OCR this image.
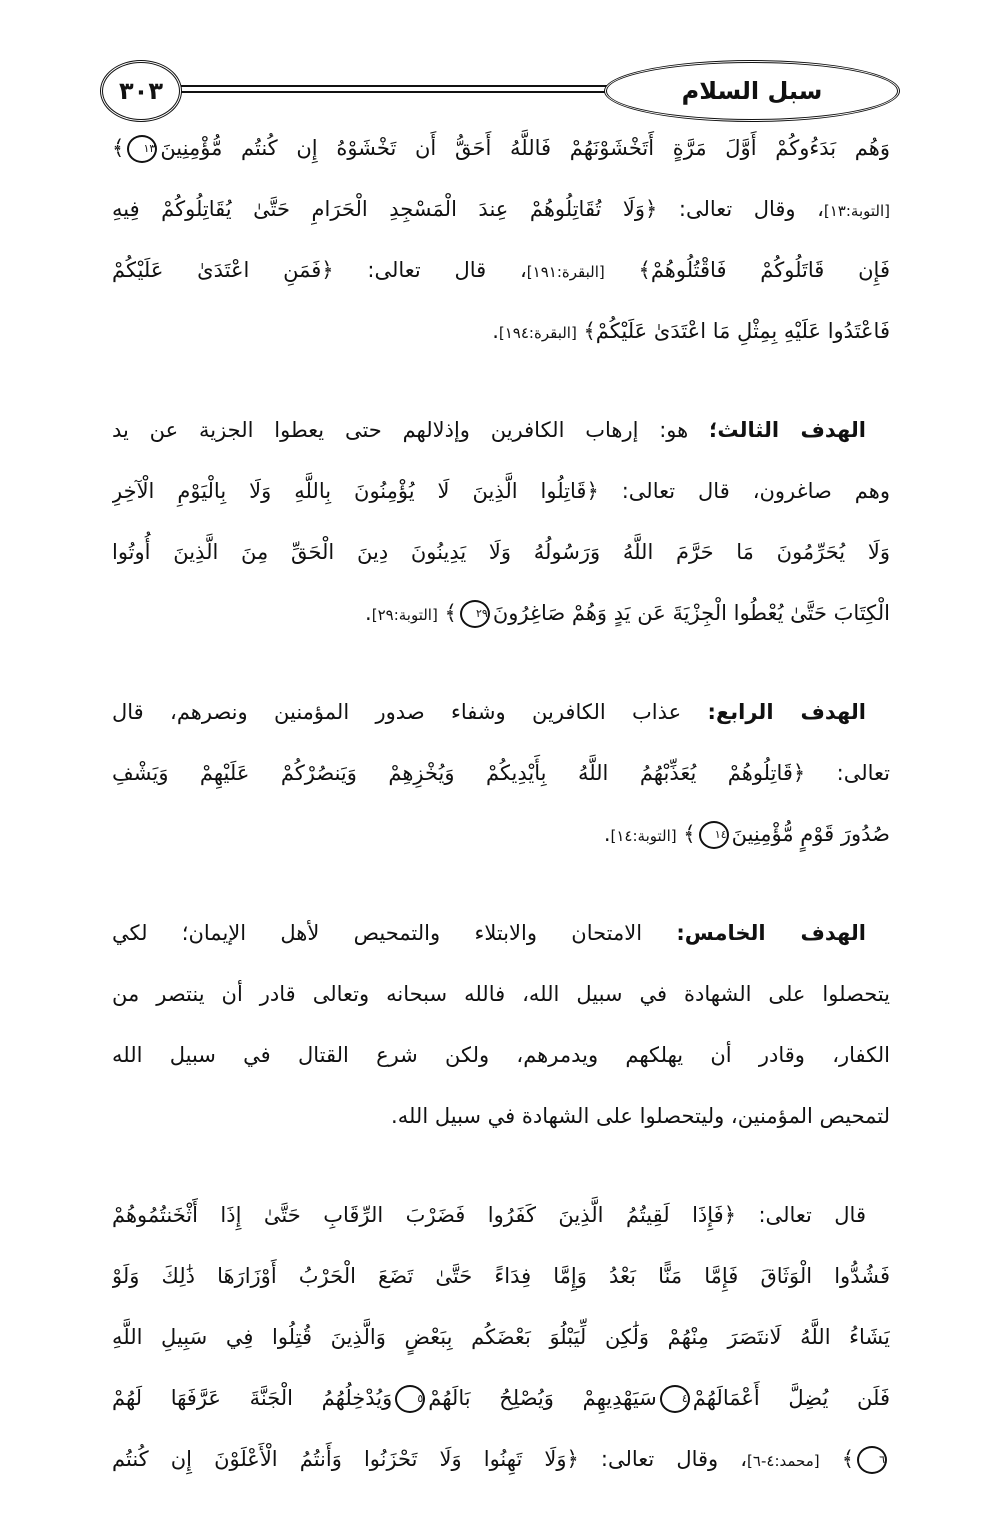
٣٠٣	سبل السلام
وَهُم بَدَءُوكُمْ أَوَّلَ مَرَّةٍ أَتَخْشَوْنَهُمْ فَاللَّهُ أَحَقُّ أَن تَخْشَوْهُ إِن كُنتُم مُّؤْمِنِينَ١٣﴾
[التوبة:١٣]، وقال تعالى: ﴿وَلَا تُقَاتِلُوهُمْ عِندَ الْمَسْجِدِ الْحَرَامِ حَتَّىٰ يُقَاتِلُوكُمْ فِيهِ
فَإِن قَاتَلُوكُمْ فَاقْتُلُوهُمْ﴾ [البقرة:١٩١]، قال تعالى: ﴿فَمَنِ اعْتَدَىٰ عَلَيْكُمْ
فَاعْتَدُوا عَلَيْهِ بِمِثْلِ مَا اعْتَدَىٰ عَلَيْكُمْ﴾ [البقرة:١٩٤].
الهدف الثالث؛ هو: إرهاب الكافرين وإذلالهم حتى يعطوا الجزية عن يد
وهم صاغرون، قال تعالى: ﴿قَاتِلُوا الَّذِينَ لَا يُؤْمِنُونَ بِاللَّهِ وَلَا بِالْيَوْمِ الْآخِرِ
وَلَا يُحَرِّمُونَ مَا حَرَّمَ اللَّهُ وَرَسُولُهُ وَلَا يَدِينُونَ دِينَ الْحَقِّ مِنَ الَّذِينَ أُوتُوا
الْكِتَابَ حَتَّىٰ يُعْطُوا الْجِزْيَةَ عَن يَدٍ وَهُمْ صَاغِرُونَ٢٩﴾ [التوبة:٢٩].
الهدف الرابع: عذاب الكافرين وشفاء صدور المؤمنين ونصرهم، قال
تعالى: ﴿قَاتِلُوهُمْ يُعَذِّبْهُمُ اللَّهُ بِأَيْدِيكُمْ وَيُخْزِهِمْ وَيَنصُرْكُمْ عَلَيْهِمْ وَيَشْفِ
صُدُورَ قَوْمٍ مُّؤْمِنِينَ١٤﴾ [التوبة:١٤].
الهدف الخامس: الامتحان والابتلاء والتمحيص لأهل الإيمان؛ لكي
يتحصلوا على الشهادة في سبيل الله، فالله سبحانه وتعالى قادر أن ينتصر من
الكفار، وقادر أن يهلكهم ويدمرهم، ولكن شرع القتال في سبيل الله
لتمحيص المؤمنين، وليتحصلوا على الشهادة في سبيل الله.
قال تعالى: ﴿فَإِذَا لَقِيتُمُ الَّذِينَ كَفَرُوا فَضَرْبَ الرِّقَابِ حَتَّىٰ إِذَا أَثْخَنتُمُوهُمْ
فَشُدُّوا الْوَثَاقَ فَإِمَّا مَنًّا بَعْدُ وَإِمَّا فِدَاءً حَتَّىٰ تَضَعَ الْحَرْبُ أَوْزَارَهَا ذَٰلِكَ وَلَوْ
يَشَاءُ اللَّهُ لَانتَصَرَ مِنْهُمْ وَلَٰكِن لِّيَبْلُوَ بَعْضَكُم بِبَعْضٍ وَالَّذِينَ قُتِلُوا فِي سَبِيلِ اللَّهِ
فَلَن يُضِلَّ أَعْمَالَهُمْ٤سَيَهْدِيهِمْ وَيُصْلِحُ بَالَهُمْ٥وَيُدْخِلُهُمُ الْجَنَّةَ عَرَّفَهَا لَهُمْ
٦﴾ [محمد:٤-٦]، وقال تعالى: ﴿وَلَا تَهِنُوا وَلَا تَحْزَنُوا وَأَنتُمُ الْأَعْلَوْنَ إِن كُنتُم
